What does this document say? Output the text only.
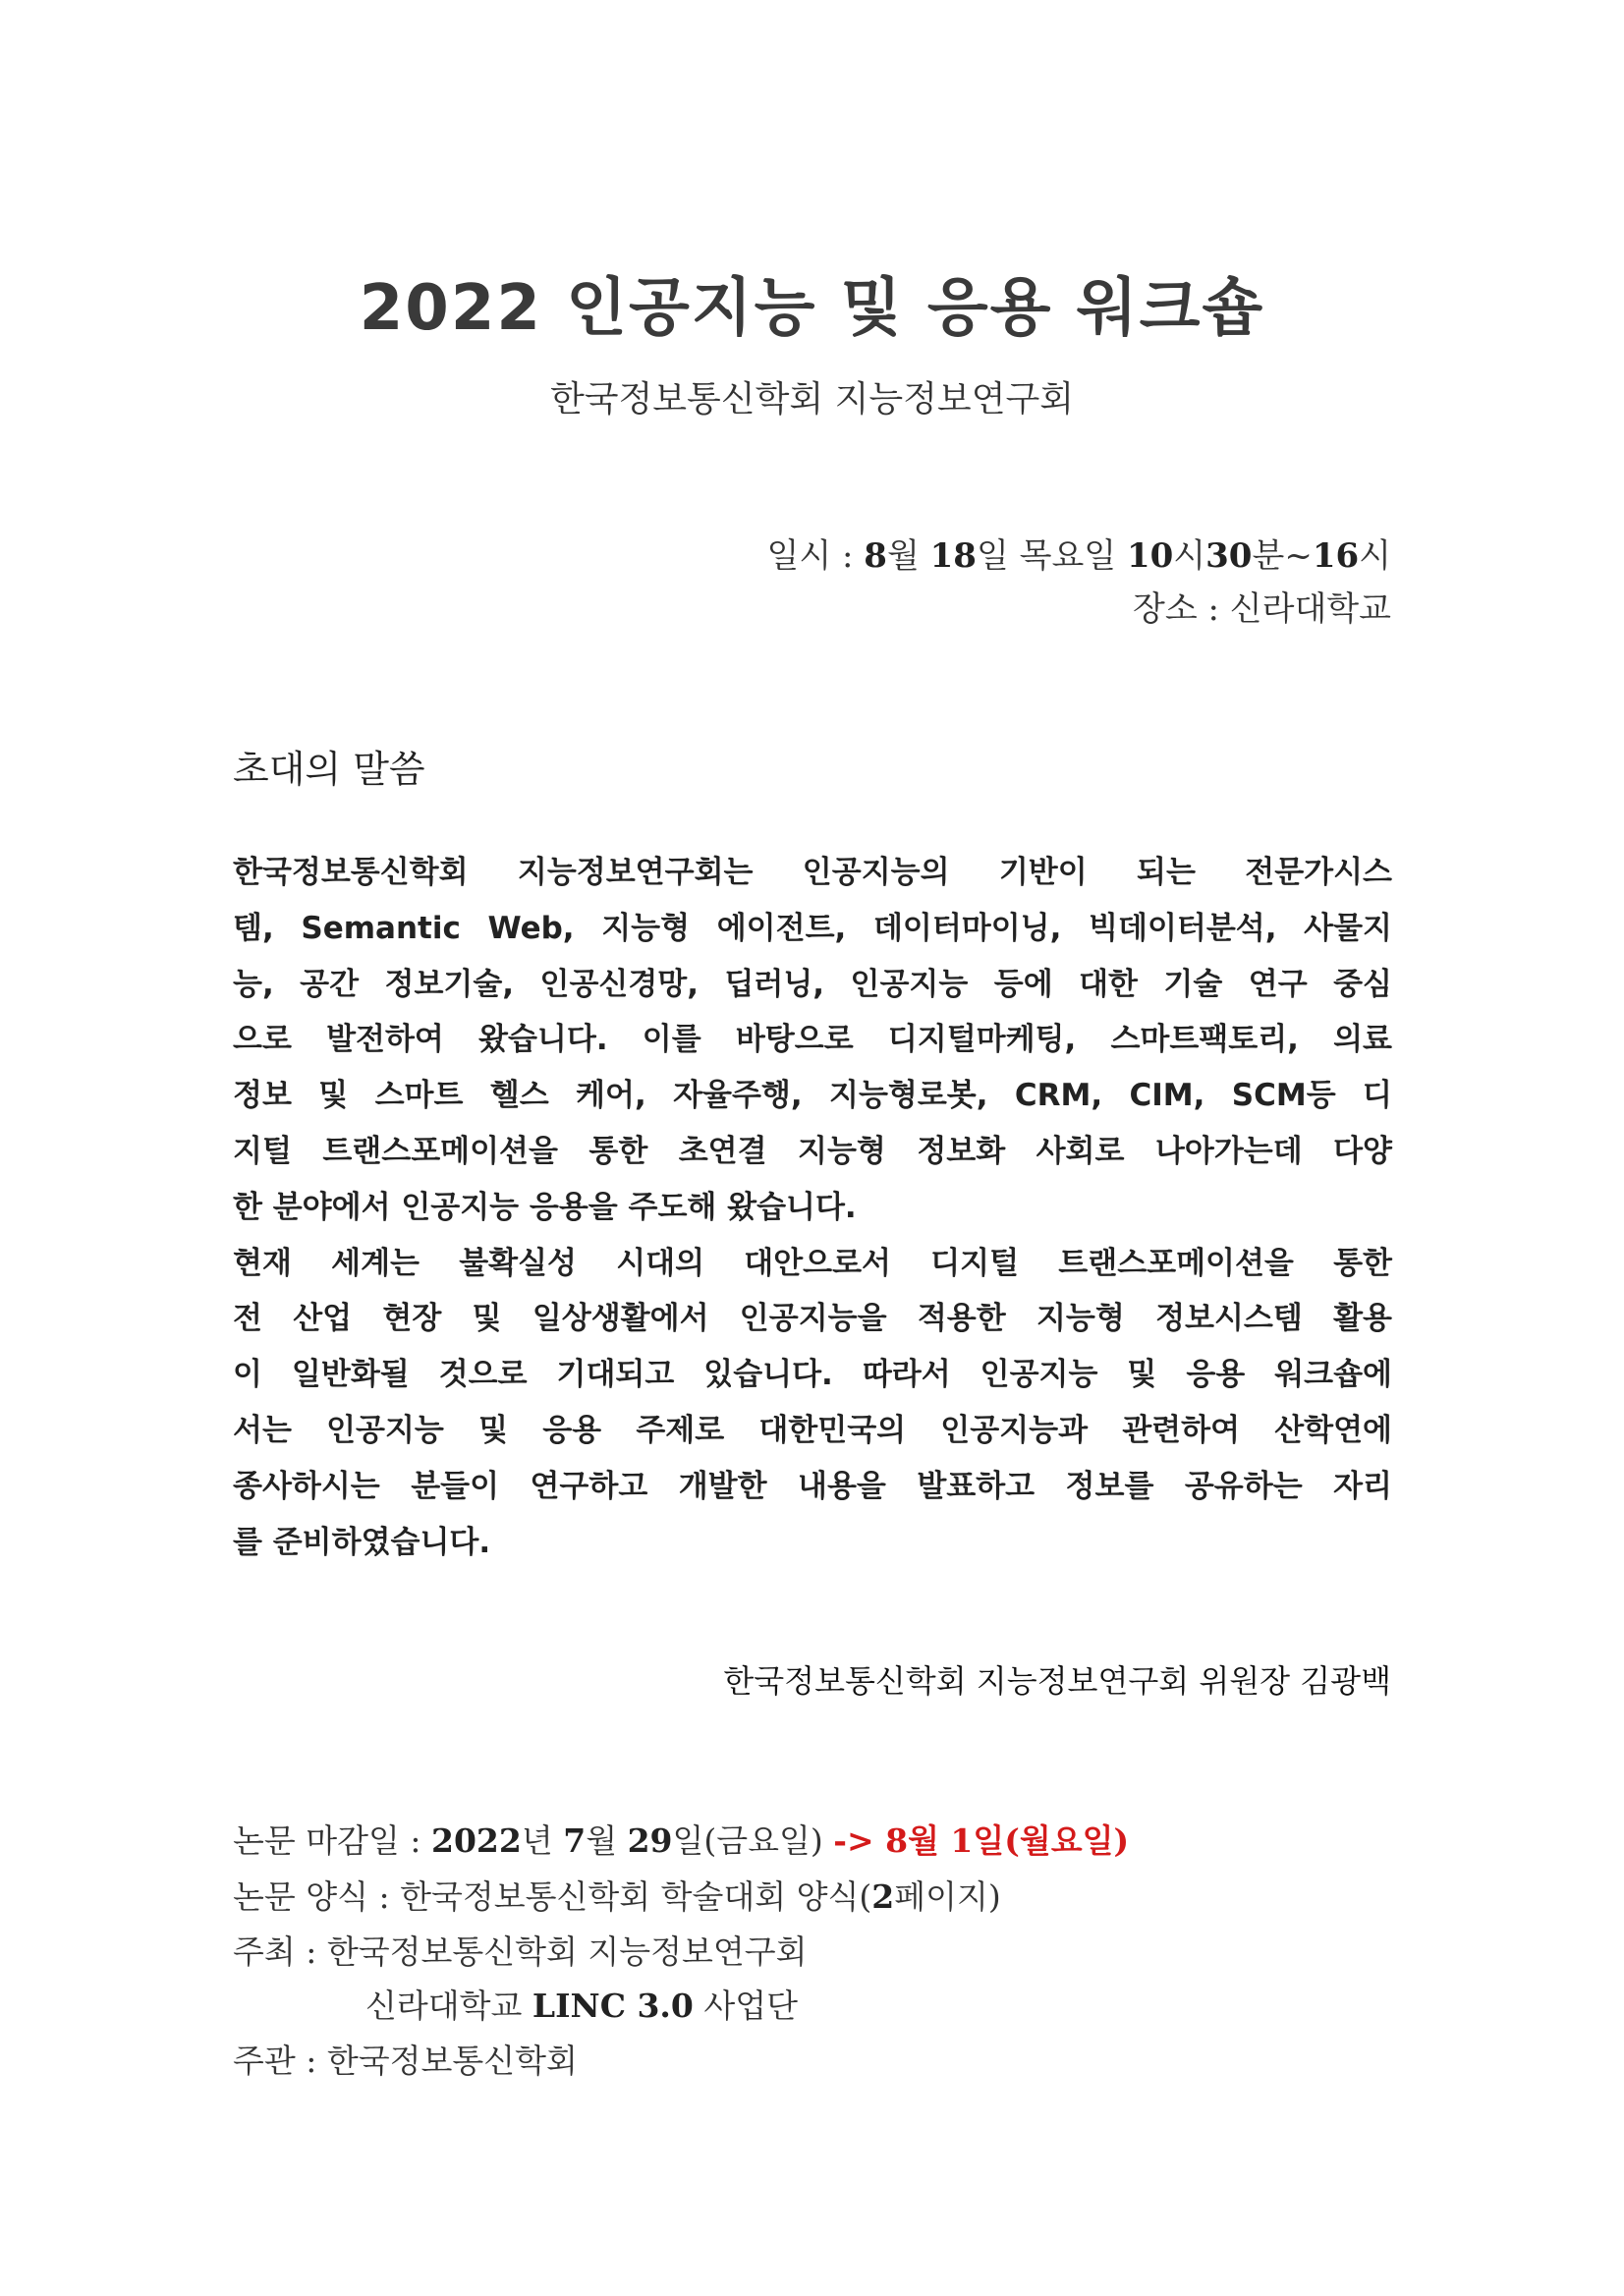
2022 인공지능 및 응용 워크숍
한국정보통신학회 지능정보연구회
일시 : 8월 18일 목요일 10시30분~16시
장소 : 신라대학교
초대의 말씀
한국정보통신학회 지능정보연구회는 인공지능의 기반이 되는 전문가시스
템, Semantic Web, 지능형 에이전트, 데이터마이닝, 빅데이터분석, 사물지
능, 공간 정보기술, 인공신경망, 딥러닝, 인공지능 등에 대한 기술 연구 중심
으로 발전하여 왔습니다. 이를 바탕으로 디지털마케팅, 스마트팩토리, 의료
정보 및 스마트 헬스 케어, 자율주행, 지능형로봇, CRM, CIM, SCM등 디
지털 트랜스포메이션을 통한 초연결 지능형 정보화 사회로 나아가는데 다양
한 분야에서 인공지능 응용을 주도해 왔습니다.
현재 세계는 불확실성 시대의 대안으로서 디지털 트랜스포메이션을 통한
전 산업 현장 및 일상생활에서 인공지능을 적용한 지능형 정보시스템 활용
이 일반화될 것으로 기대되고 있습니다. 따라서 인공지능 및 응용 워크숍에
서는 인공지능 및 응용 주제로 대한민국의 인공지능과 관련하여 산학연에
종사하시는 분들이 연구하고 개발한 내용을 발표하고 정보를 공유하는 자리
를 준비하였습니다.
한국정보통신학회 지능정보연구회 위원장 김광백
논문 마감일 : 2022년 7월 29일(금요일) -> 8월 1일(월요일)
논문 양식 : 한국정보통신학회 학술대회 양식(2페이지)
주최 : 한국정보통신학회 지능정보연구회
신라대학교 LINC 3.0 사업단
주관 : 한국정보통신학회
